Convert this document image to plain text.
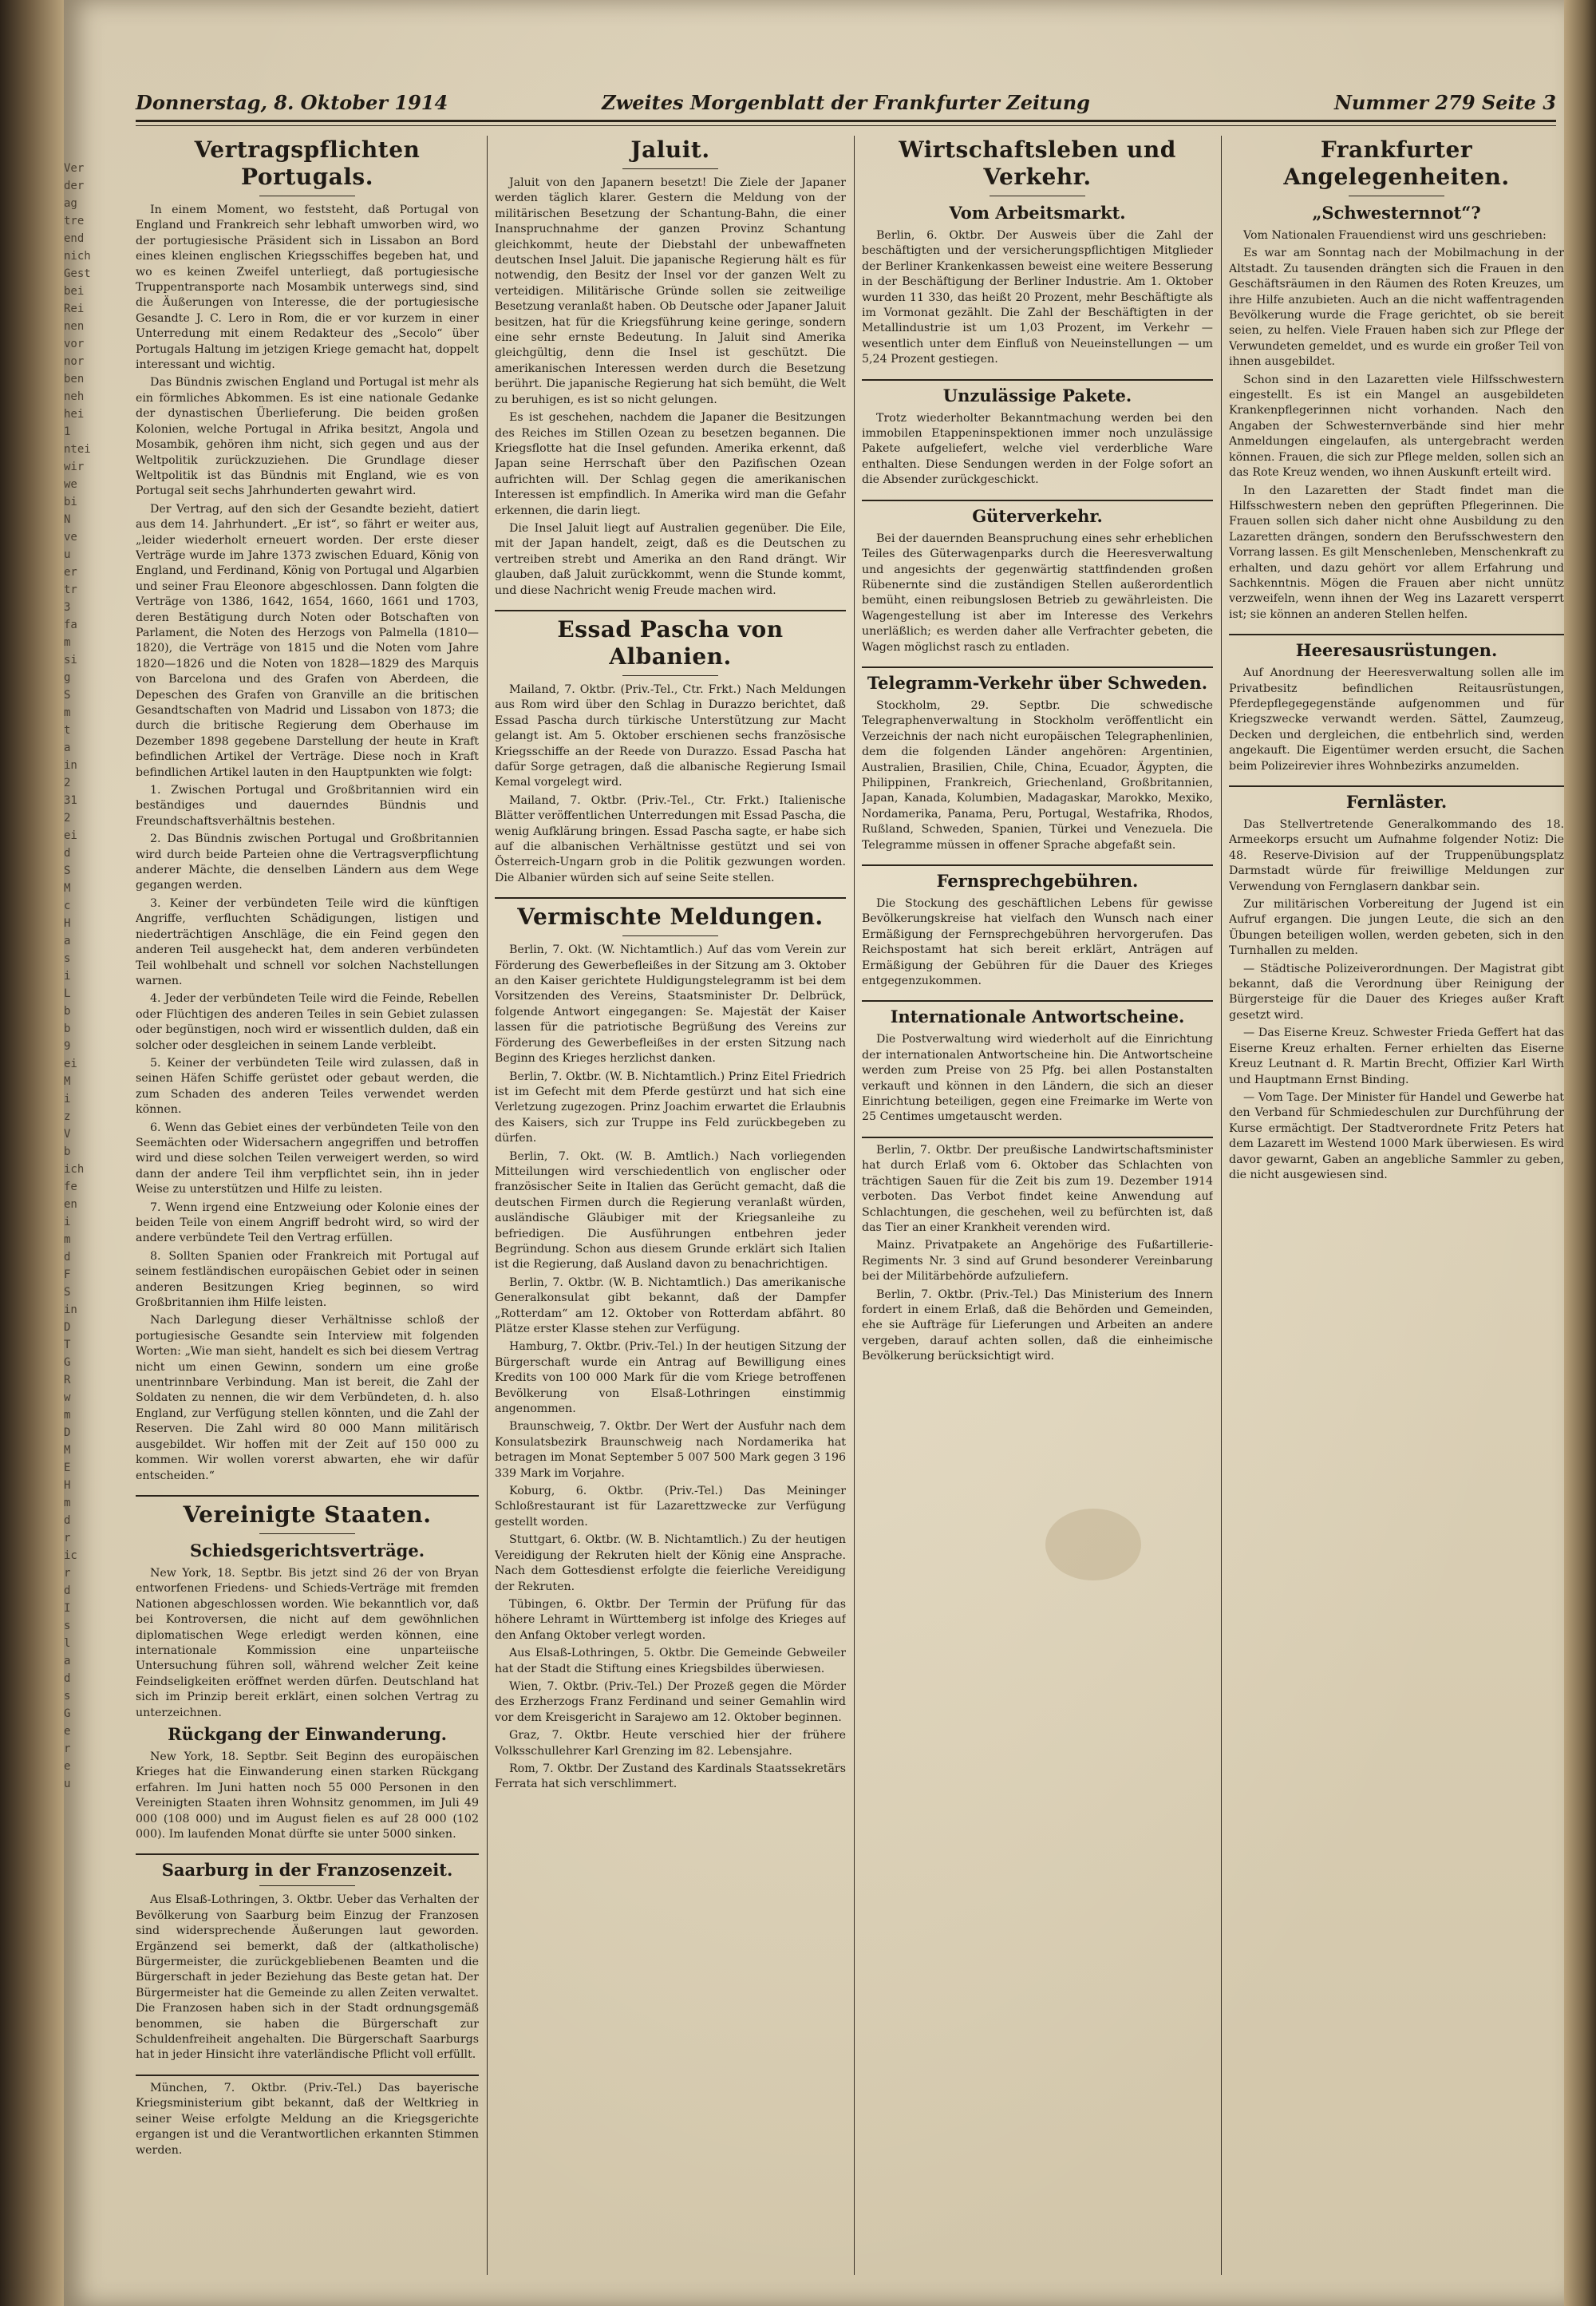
Ver
der
ag
tre
end
nich
Gest
bei
Rei
nen
vor
nor
ben
neh
hei
1
ntei
wir
we
bi
N
ve
u
er
tr
3
fa
m
si
g
S
m
t
a
in
2
31
2
ei
d
S
M
c
H
a
s
i
L
b
b
9
ei
M
i
z
V
b
ich
fe
en
i
m
d
F
S
in
D
T
G
R
w
m
D
M
E
H
m
d
r
ic
r
d
I
s
l
a
d
s
G
e
r
e
u
Donnerstag, 8. Oktober 1914	Zweites Morgenblatt der Frankfurter Zeitung	Nummer 279 Seite 3
Vertragspflichten Portugals.

In einem Moment, wo feststeht, daß Portugal von England und Frankreich sehr lebhaft umworben wird, wo der portugiesische Präsident sich in Lissabon an Bord eines kleinen englischen Kriegsschiffes begeben hat, und wo es keinen Zweifel unterliegt, daß portugiesische Truppentransporte nach Mosambik unterwegs sind, sind die Äußerungen von Interesse, die der portugiesische Gesandte J. C. Lero in Rom, die er vor kurzem in einer Unterredung mit einem Redakteur des „Secolo“ über Portugals Haltung im jetzigen Kriege gemacht hat, doppelt interessant und wichtig.

Das Bündnis zwischen England und Portugal ist mehr als ein förmliches Abkommen. Es ist eine nationale Gedanke der dynastischen Überlieferung. Die beiden großen Kolonien, welche Portugal in Afrika besitzt, Angola und Mosambik, gehören ihm nicht, sich gegen und aus der Weltpolitik zurückzuziehen. Die Grundlage dieser Weltpolitik ist das Bündnis mit England, wie es von Portugal seit sechs Jahrhunderten gewahrt wird.

Der Vertrag, auf den sich der Gesandte bezieht, datiert aus dem 14. Jahrhundert. „Er ist“, so fährt er weiter aus, „leider wiederholt erneuert worden. Der erste dieser Verträge wurde im Jahre 1373 zwischen Eduard, König von England, und Ferdinand, König von Portugal und Algarbien und seiner Frau Eleonore abgeschlossen. Dann folgten die Verträge von 1386, 1642, 1654, 1660, 1661 und 1703, deren Bestätigung durch Noten oder Botschaften von Parlament, die Noten des Herzogs von Palmella (1810—1820), die Verträge von 1815 und die Noten vom Jahre 1820—1826 und die Noten von 1828—1829 des Marquis von Barcelona und des Grafen von Aberdeen, die Depeschen des Grafen von Granville an die britischen Gesandtschaften von Madrid und Lissabon von 1873; die durch die britische Regierung dem Oberhause im Dezember 1898 gegebene Darstellung der heute in Kraft befindlichen Artikel der Verträge. Diese noch in Kraft befindlichen Artikel lauten in den Hauptpunkten wie folgt:

1. Zwischen Portugal und Großbritannien wird ein beständiges und dauerndes Bündnis und Freundschaftsverhältnis bestehen.

2. Das Bündnis zwischen Portugal und Großbritannien wird durch beide Parteien ohne die Vertragsverpflichtung anderer Mächte, die denselben Ländern aus dem Wege gegangen werden.

3. Keiner der verbündeten Teile wird die künftigen Angriffe, verfluchten Schädigungen, listigen und niederträchtigen Anschläge, die ein Feind gegen den anderen Teil ausgeheckt hat, dem anderen verbündeten Teil wohlbehalt und schnell vor solchen Nachstellungen warnen.

4. Jeder der verbündeten Teile wird die Feinde, Rebellen oder Flüchtigen des anderen Teiles in sein Gebiet zulassen oder begünstigen, noch wird er wissentlich dulden, daß ein solcher oder desgleichen in seinem Lande verbleibt.

5. Keiner der verbündeten Teile wird zulassen, daß in seinen Häfen Schiffe gerüstet oder gebaut werden, die zum Schaden des anderen Teiles verwendet werden können.

6. Wenn das Gebiet eines der verbündeten Teile von den Seemächten oder Widersachern angegriffen und betroffen wird und diese solchen Teilen verweigert werden, so wird dann der andere Teil ihm verpflichtet sein, ihn in jeder Weise zu unterstützen und Hilfe zu leisten.

7. Wenn irgend eine Entzweiung oder Kolonie eines der beiden Teile von einem Angriff bedroht wird, so wird der andere verbündete Teil den Vertrag erfüllen.

8. Sollten Spanien oder Frankreich mit Portugal auf seinem festländischen europäischen Gebiet oder in seinen anderen Besitzungen Krieg beginnen, so wird Großbritannien ihm Hilfe leisten.

Nach Darlegung dieser Verhältnisse schloß der portugiesische Gesandte sein Interview mit folgenden Worten: „Wie man sieht, handelt es sich bei diesem Vertrag nicht um einen Gewinn, sondern um eine große unentrinnbare Verbindung. Man ist bereit, die Zahl der Soldaten zu nennen, die wir dem Verbündeten, d. h. also England, zur Verfügung stellen könnten, und die Zahl der Reserven. Die Zahl wird 80 000 Mann militärisch ausgebildet. Wir hoffen mit der Zeit auf 150 000 zu kommen. Wir wollen vorerst abwarten, ehe wir dafür entscheiden.“

Vereinigte Staaten.
Schiedsgerichtsverträge.

New York, 18. Septbr. Bis jetzt sind 26 der von Bryan entworfenen Friedens- und Schieds-Verträge mit fremden Nationen abgeschlossen worden. Wie bekanntlich vor, daß bei Kontroversen, die nicht auf dem gewöhnlichen diplomatischen Wege erledigt werden können, eine internationale Kommission eine unparteiische Untersuchung führen soll, während welcher Zeit keine Feindseligkeiten eröffnet werden dürfen. Deutschland hat sich im Prinzip bereit erklärt, einen solchen Vertrag zu unterzeichnen.

Rückgang der Einwanderung.

New York, 18. Septbr. Seit Beginn des europäischen Krieges hat die Einwanderung einen starken Rückgang erfahren. Im Juni hatten noch 55 000 Personen in den Vereinigten Staaten ihren Wohnsitz genommen, im Juli 49 000 (108 000) und im August fielen es auf 28 000 (102 000). Im laufenden Monat dürfte sie unter 5000 sinken.

Saarburg in der Franzosenzeit.

Aus Elsaß-Lothringen, 3. Oktbr. Ueber das Verhalten der Bevölkerung von Saarburg beim Einzug der Franzosen sind widersprechende Äußerungen laut geworden. Ergänzend sei bemerkt, daß der (altkatholische) Bürgermeister, die zurückgebliebenen Beamten und die Bürgerschaft in jeder Beziehung das Beste getan hat. Der Bürgermeister hat die Gemeinde zu allen Zeiten verwaltet. Die Franzosen haben sich in der Stadt ordnungsgemäß benommen, sie haben die Bürgerschaft zur Schuldenfreiheit angehalten. Die Bürgerschaft Saarburgs hat in jeder Hinsicht ihre vaterländische Pflicht voll erfüllt.

München, 7. Oktbr. (Priv.-Tel.) Das bayerische Kriegsministerium gibt bekannt, daß der Weltkrieg in seiner Weise erfolgte Meldung an die Kriegsgerichte ergangen ist und die Verantwortlichen erkannten Stimmen werden.

Jaluit.

Jaluit von den Japanern besetzt! Die Ziele der Japaner werden täglich klarer. Gestern die Meldung von der militärischen Besetzung der Schantung-Bahn, die einer Inanspruchnahme der ganzen Provinz Schantung gleichkommt, heute der Diebstahl der unbewaffneten deutschen Insel Jaluit. Die japanische Regierung hält es für notwendig, den Besitz der Insel vor der ganzen Welt zu verteidigen. Militärische Gründe sollen sie zeitweilige Besetzung veranlaßt haben. Ob Deutsche oder Japaner Jaluit besitzen, hat für die Kriegsführung keine geringe, sondern eine sehr ernste Bedeutung. In Jaluit sind Amerika gleichgültig, denn die Insel ist geschützt. Die amerikanischen Interessen werden durch die Besetzung berührt. Die japanische Regierung hat sich bemüht, die Welt zu beruhigen, es ist so nicht gelungen.

Es ist geschehen, nachdem die Japaner die Besitzungen des Reiches im Stillen Ozean zu besetzen begannen. Die Kriegsflotte hat die Insel gefunden. Amerika erkennt, daß Japan seine Herrschaft über den Pazifischen Ozean aufrichten will. Der Schlag gegen die amerikanischen Interessen ist empfindlich. In Amerika wird man die Gefahr erkennen, die darin liegt.

Die Insel Jaluit liegt auf Australien gegenüber. Die Eile, mit der Japan handelt, zeigt, daß es die Deutschen zu vertreiben strebt und Amerika an den Rand drängt. Wir glauben, daß Jaluit zurückkommt, wenn die Stunde kommt, und diese Nachricht wenig Freude machen wird.

Essad Pascha von Albanien.

Mailand, 7. Oktbr. (Priv.-Tel., Ctr. Frkt.) Nach Meldungen aus Rom wird über den Schlag in Durazzo berichtet, daß Essad Pascha durch türkische Unterstützung zur Macht gelangt ist. Am 5. Oktober erschienen sechs französische Kriegsschiffe an der Reede von Durazzo. Essad Pascha hat dafür Sorge getragen, daß die albanische Regierung Ismail Kemal vorgelegt wird.

Mailand, 7. Oktbr. (Priv.-Tel., Ctr. Frkt.) Italienische Blätter veröffentlichen Unterredungen mit Essad Pascha, die wenig Aufklärung bringen. Essad Pascha sagte, er habe sich auf die albanischen Verhältnisse gestützt und sei von Österreich-Ungarn grob in die Politik gezwungen worden. Die Albanier würden sich auf seine Seite stellen.

Vermischte Meldungen.

Berlin, 7. Okt. (W. Nichtamtlich.) Auf das vom Verein zur Förderung des Gewerbefleißes in der Sitzung am 3. Oktober an den Kaiser gerichtete Huldigungstelegramm ist bei dem Vorsitzenden des Vereins, Staatsminister Dr. Delbrück, folgende Antwort eingegangen: Se. Majestät der Kaiser lassen für die patriotische Begrüßung des Vereins zur Förderung des Gewerbefleißes in der ersten Sitzung nach Beginn des Krieges herzlichst danken.

Berlin, 7. Oktbr. (W. B. Nichtamtlich.) Prinz Eitel Friedrich ist im Gefecht mit dem Pferde gestürzt und hat sich eine Verletzung zugezogen. Prinz Joachim erwartet die Erlaubnis des Kaisers, sich zur Truppe ins Feld zurückbegeben zu dürfen.

Berlin, 7. Okt. (W. B. Amtlich.) Nach vorliegenden Mitteilungen wird verschiedentlich von englischer oder französischer Seite in Italien das Gerücht gemacht, daß die deutschen Firmen durch die Regierung veranlaßt würden, ausländische Gläubiger mit der Kriegsanleihe zu befriedigen. Die Ausführungen entbehren jeder Begründung. Schon aus diesem Grunde erklärt sich Italien ist die Regierung, daß Ausland davon zu benachrichtigen.

Berlin, 7. Oktbr. (W. B. Nichtamtlich.) Das amerikanische Generalkonsulat gibt bekannt, daß der Dampfer „Rotterdam“ am 12. Oktober von Rotterdam abfährt. 80 Plätze erster Klasse stehen zur Verfügung.

Hamburg, 7. Oktbr. (Priv.-Tel.) In der heutigen Sitzung der Bürgerschaft wurde ein Antrag auf Bewilligung eines Kredits von 100 000 Mark für die vom Kriege betroffenen Bevölkerung von Elsaß-Lothringen einstimmig angenommen.

Braunschweig, 7. Oktbr. Der Wert der Ausfuhr nach dem Konsulatsbezirk Braunschweig nach Nordamerika hat betragen im Monat September 5 007 500 Mark gegen 3 196 339 Mark im Vorjahre.

Koburg, 6. Oktbr. (Priv.-Tel.) Das Meininger Schloßrestaurant ist für Lazarettzwecke zur Verfügung gestellt worden.

Stuttgart, 6. Oktbr. (W. B. Nichtamtlich.) Zu der heutigen Vereidigung der Rekruten hielt der König eine Ansprache. Nach dem Gottesdienst erfolgte die feierliche Vereidigung der Rekruten.

Tübingen, 6. Oktbr. Der Termin der Prüfung für das höhere Lehramt in Württemberg ist infolge des Krieges auf den Anfang Oktober verlegt worden.

Aus Elsaß-Lothringen, 5. Oktbr. Die Gemeinde Gebweiler hat der Stadt die Stiftung eines Kriegsbildes überwiesen.

Wien, 7. Oktbr. (Priv.-Tel.) Der Prozeß gegen die Mörder des Erzherzogs Franz Ferdinand und seiner Gemahlin wird vor dem Kreisgericht in Sarajewo am 12. Oktober beginnen.

Graz, 7. Oktbr. Heute verschied hier der frühere Volksschullehrer Karl Grenzing im 82. Lebensjahre.

Rom, 7. Oktbr. Der Zustand des Kardinals Staatssekretärs Ferrata hat sich verschlimmert.

Wirtschaftsleben und Verkehr.
Vom Arbeitsmarkt.

Berlin, 6. Oktbr. Der Ausweis über die Zahl der beschäftigten und der versicherungspflichtigen Mitglieder der Berliner Krankenkassen beweist eine weitere Besserung in der Beschäftigung der Berliner Industrie. Am 1. Oktober wurden 11 330, das heißt 20 Prozent, mehr Beschäftigte als im Vormonat gezählt. Die Zahl der Beschäftigten in der Metallindustrie ist um 1,03 Prozent, im Verkehr — wesentlich unter dem Einfluß von Neueinstellungen — um 5,24 Prozent gestiegen.

Unzulässige Pakete.

Trotz wiederholter Bekanntmachung werden bei den immobilen Etappeninspektionen immer noch unzulässige Pakete aufgeliefert, welche viel verderbliche Ware enthalten. Diese Sendungen werden in der Folge sofort an die Absender zurückgeschickt.

Güterverkehr.

Bei der dauernden Beanspruchung eines sehr erheblichen Teiles des Güterwagenparks durch die Heeresverwaltung und angesichts der gegenwärtig stattfindenden großen Rübenernte sind die zuständigen Stellen außerordentlich bemüht, einen reibungslosen Betrieb zu gewährleisten. Die Wagengestellung ist aber im Interesse des Verkehrs unerläßlich; es werden daher alle Verfrachter gebeten, die Wagen möglichst rasch zu entladen.

Telegramm-Verkehr über Schweden.

Stockholm, 29. Septbr. Die schwedische Telegraphenverwaltung in Stockholm veröffentlicht ein Verzeichnis der nach nicht europäischen Telegraphenlinien, dem die folgenden Länder angehören: Argentinien, Australien, Brasilien, Chile, China, Ecuador, Ägypten, die Philippinen, Frankreich, Griechenland, Großbritannien, Japan, Kanada, Kolumbien, Madagaskar, Marokko, Mexiko, Nordamerika, Panama, Peru, Portugal, Westafrika, Rhodos, Rußland, Schweden, Spanien, Türkei und Venezuela. Die Telegramme müssen in offener Sprache abgefaßt sein.

Fernsprechgebühren.

Die Stockung des geschäftlichen Lebens für gewisse Bevölkerungskreise hat vielfach den Wunsch nach einer Ermäßigung der Fernsprechgebühren hervorgerufen. Das Reichspostamt hat sich bereit erklärt, Anträgen auf Ermäßigung der Gebühren für die Dauer des Krieges entgegenzukommen.

Internationale Antwortscheine.

Die Postverwaltung wird wiederholt auf die Einrichtung der internationalen Antwortscheine hin. Die Antwortscheine werden zum Preise von 25 Pfg. bei allen Postanstalten verkauft und können in den Ländern, die sich an dieser Einrichtung beteiligen, gegen eine Freimarke im Werte von 25 Centimes umgetauscht werden.

Berlin, 7. Oktbr. Der preußische Landwirtschaftsminister hat durch Erlaß vom 6. Oktober das Schlachten von trächtigen Sauen für die Zeit bis zum 19. Dezember 1914 verboten. Das Verbot findet keine Anwendung auf Schlachtungen, die geschehen, weil zu befürchten ist, daß das Tier an einer Krankheit verenden wird.

Mainz. Privatpakete an Angehörige des Fußartillerie-Regiments Nr. 3 sind auf Grund besonderer Vereinbarung bei der Militärbehörde aufzuliefern.

Berlin, 7. Oktbr. (Priv.-Tel.) Das Ministerium des Innern fordert in einem Erlaß, daß die Behörden und Gemeinden, ehe sie Aufträge für Lieferungen und Arbeiten an andere vergeben, darauf achten sollen, daß die einheimische Bevölkerung berücksichtigt wird.

Frankfurter Angelegenheiten.
„Schwesternnot“?

Vom Nationalen Frauendienst wird uns geschrieben:

Es war am Sonntag nach der Mobilmachung in der Altstadt. Zu tausenden drängten sich die Frauen in den Geschäftsräumen in den Räumen des Roten Kreuzes, um ihre Hilfe anzubieten. Auch an die nicht waffentragenden Bevölkerung wurde die Frage gerichtet, ob sie bereit seien, zu helfen. Viele Frauen haben sich zur Pflege der Verwundeten gemeldet, und es wurde ein großer Teil von ihnen ausgebildet.

Schon sind in den Lazaretten viele Hilfsschwestern eingestellt. Es ist ein Mangel an ausgebildeten Krankenpflegerinnen nicht vorhanden. Nach den Angaben der Schwesternverbände sind hier mehr Anmeldungen eingelaufen, als untergebracht werden können. Frauen, die sich zur Pflege melden, sollen sich an das Rote Kreuz wenden, wo ihnen Auskunft erteilt wird.

In den Lazaretten der Stadt findet man die Hilfsschwestern neben den geprüften Pflegerinnen. Die Frauen sollen sich daher nicht ohne Ausbildung zu den Lazaretten drängen, sondern den Berufsschwestern den Vorrang lassen. Es gilt Menschenleben, Menschenkraft zu erhalten, und dazu gehört vor allem Erfahrung und Sachkenntnis. Mögen die Frauen aber nicht unnütz verzweifeln, wenn ihnen der Weg ins Lazarett versperrt ist; sie können an anderen Stellen helfen.

Heeresausrüstungen.

Auf Anordnung der Heeresverwaltung sollen alle im Privatbesitz befindlichen Reitausrüstungen, Pferdepflegegegenstände aufgenommen und für Kriegszwecke verwandt werden. Sättel, Zaumzeug, Decken und dergleichen, die entbehrlich sind, werden angekauft. Die Eigentümer werden ersucht, die Sachen beim Polizeirevier ihres Wohnbezirks anzumelden.

Fernläster.

Das Stellvertretende Generalkommando des 18. Armeekorps ersucht um Aufnahme folgender Notiz: Die 48. Reserve-Division auf der Truppenübungsplatz Darmstadt würde für freiwillige Meldungen zur Verwendung von Fernglasern dankbar sein.

Zur militärischen Vorbereitung der Jugend ist ein Aufruf ergangen. Die jungen Leute, die sich an den Übungen beteiligen wollen, werden gebeten, sich in den Turnhallen zu melden.

— Städtische Polizeiverordnungen. Der Magistrat gibt bekannt, daß die Verordnung über Reinigung der Bürgersteige für die Dauer des Krieges außer Kraft gesetzt wird.

— Das Eiserne Kreuz. Schwester Frieda Geffert hat das Eiserne Kreuz erhalten. Ferner erhielten das Eiserne Kreuz Leutnant d. R. Martin Brecht, Offizier Karl Wirth und Hauptmann Ernst Binding.

— Vom Tage. Der Minister für Handel und Gewerbe hat den Verband für Schmiedeschulen zur Durchführung der Kurse ermächtigt. Der Stadtverordnete Fritz Peters hat dem Lazarett im Westend 1000 Mark überwiesen. Es wird davor gewarnt, Gaben an angebliche Sammler zu geben, die nicht ausgewiesen sind.
